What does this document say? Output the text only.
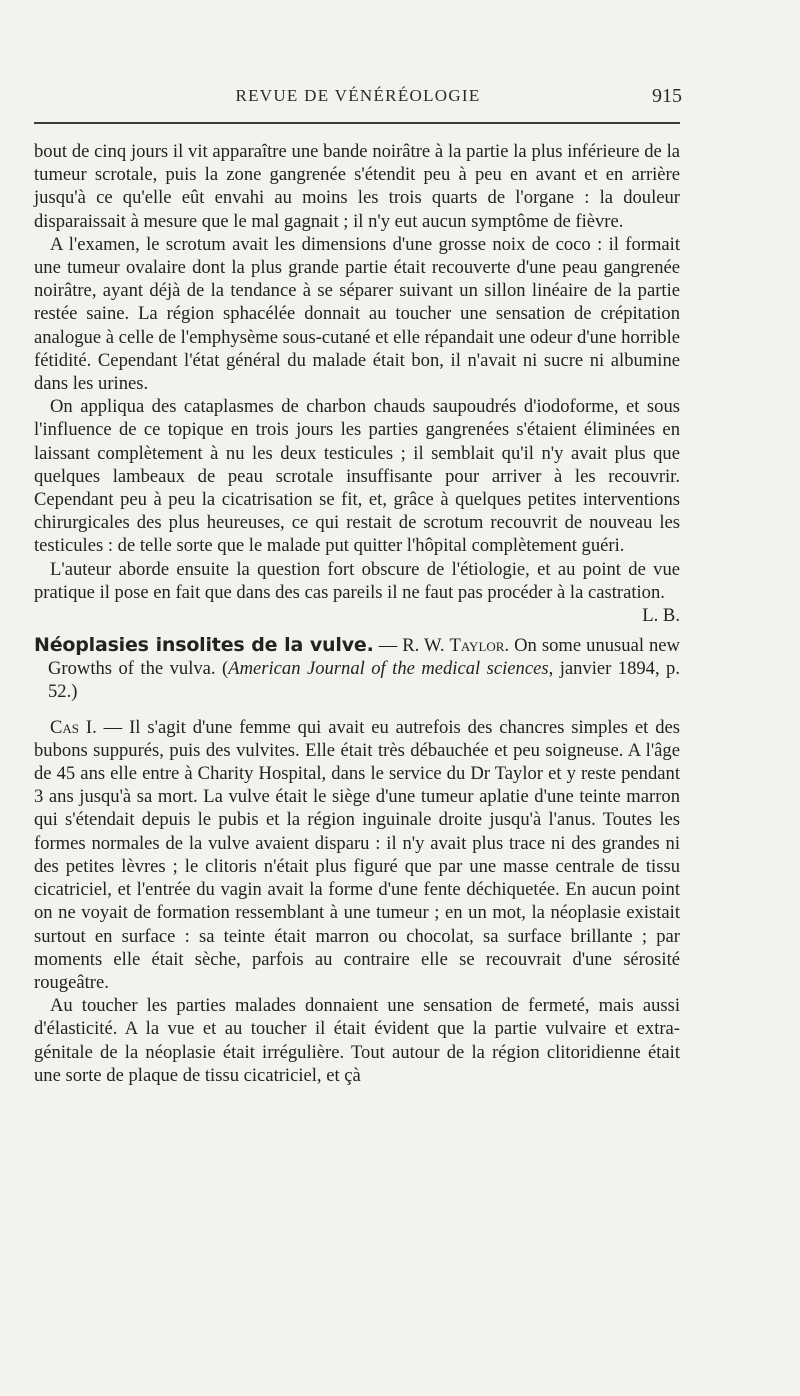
REVUE DE VÉNÉRÉOLOGIE	915

bout de cinq jours il vit apparaître une bande noirâtre à la partie la plus inférieure de la tumeur scrotale, puis la zone gangrenée s'étendit peu à peu en avant et en arrière jusqu'à ce qu'elle eût envahi au moins les trois quarts de l'organe : la douleur disparaissait à mesure que le mal gagnait ; il n'y eut aucun symptôme de fièvre.

A l'examen, le scrotum avait les dimensions d'une grosse noix de coco : il formait une tumeur ovalaire dont la plus grande partie était recouverte d'une peau gangrenée noirâtre, ayant déjà de la tendance à se séparer suivant un sillon linéaire de la partie restée saine. La région sphacélée donnait au toucher une sensation de crépitation analogue à celle de l'emphysème sous-cutané et elle répandait une odeur d'une horrible fétidité. Cependant l'état général du malade était bon, il n'avait ni sucre ni albumine dans les urines.

On appliqua des cataplasmes de charbon chauds saupoudrés d'iodoforme, et sous l'influence de ce topique en trois jours les parties gangrenées s'étaient éliminées en laissant complètement à nu les deux testicules ; il semblait qu'il n'y avait plus que quelques lambeaux de peau scrotale insuffisante pour arriver à les recouvrir. Cependant peu à peu la cicatrisation se fit, et, grâce à quelques petites interventions chirurgicales des plus heureuses, ce qui restait de scrotum recouvrit de nouveau les testicules : de telle sorte que le malade put quitter l'hôpital complètement guéri.

L'auteur aborde ensuite la question fort obscure de l'étiologie, et au point de vue pratique il pose en fait que dans des cas pareils il ne faut pas procéder à la castration.
L. B.

Néoplasies insolites de la vulve. — R. W. Taylor. On some unusual new Growths of the vulva. (American Journal of the medical sciences, janvier 1894, p. 52.)

Cas I. — Il s'agit d'une femme qui avait eu autrefois des chancres simples et des bubons suppurés, puis des vulvites. Elle était très débauchée et peu soigneuse. A l'âge de 45 ans elle entre à Charity Hospital, dans le service du Dr Taylor et y reste pendant 3 ans jusqu'à sa mort. La vulve était le siège d'une tumeur aplatie d'une teinte marron qui s'étendait depuis le pubis et la région inguinale droite jusqu'à l'anus. Toutes les formes normales de la vulve avaient disparu : il n'y avait plus trace ni des grandes ni des petites lèvres ; le clitoris n'était plus figuré que par une masse centrale de tissu cicatriciel, et l'entrée du vagin avait la forme d'une fente déchiquetée. En aucun point on ne voyait de formation ressemblant à une tumeur ; en un mot, la néoplasie existait surtout en surface : sa teinte était marron ou chocolat, sa surface brillante ; par moments elle était sèche, parfois au contraire elle se recouvrait d'une sérosité rougeâtre.

Au toucher les parties malades donnaient une sensation de fermeté, mais aussi d'élasticité. A la vue et au toucher il était évident que la partie vulvaire et extra-génitale de la néoplasie était irrégulière. Tout autour de la région clitoridienne était une sorte de plaque de tissu cicatriciel, et çà
